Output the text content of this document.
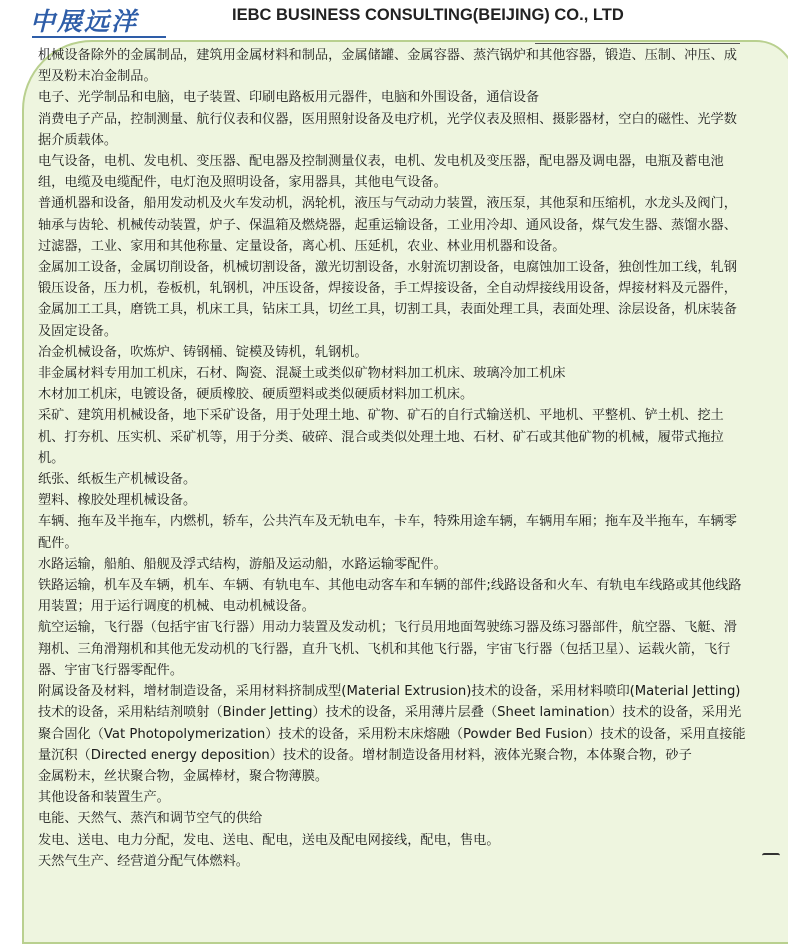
中展远洋	IEBC BUSINESS CONSULTING(BEIJING) CO., LTD

机械设备除外的金属制品，建筑用金属材料和制品，金属储罐、金属容器、蒸汽锅炉和其他容器，锻造、压制、冲压、成型及粉末冶金制品。

电子、光学制品和电脑，电子装置、印刷电路板用元器件，电脑和外围设备，通信设备

消费电子产品，控制测量、航行仪表和仪器，医用照射设备及电疗机，光学仪表及照相、摄影器材，空白的磁性、光学数据介质载体。

电气设备，电机、发电机、变压器、配电器及控制测量仪表，电机、发电机及变压器，配电器及调电器，电瓶及蓄电池组，电缆及电缆配件，电灯泡及照明设备，家用器具，其他电气设备。

普通机器和设备，船用发动机及火车发动机，涡轮机，液压与气动动力装置，液压泵，其他泵和压缩机，水龙头及阀门，轴承与齿轮、机械传动装置，炉子、保温箱及燃烧器，起重运输设备，工业用冷却、通风设备，煤气发生器、蒸馏水器、过滤器，工业、家用和其他称量、定量设备，离心机、压延机，农业、林业用机器和设备。

金属加工设备，金属切削设备，机械切割设备，激光切割设备，水射流切割设备，电腐蚀加工设备，独创性加工线，轧钢锻压设备，压力机，卷板机，轧钢机，冲压设备，焊接设备，手工焊接设备，全自动焊接线用设备，焊接材料及元器件，金属加工工具，磨铣工具，机床工具，钻床工具，切丝工具，切割工具，表面处理工具，表面处理、涂层设备，机床装备及固定设备。

冶金机械设备，吹炼炉、铸钢桶、锭模及铸机，轧钢机。

非金属材料专用加工机床，石材、陶瓷、混凝土或类似矿物材料加工机床、玻璃冷加工机床

木材加工机床，电镀设备，硬质橡胶、硬质塑料或类似硬质材料加工机床。

采矿、建筑用机械设备，地下采矿设备，用于处理土地、矿物、矿石的自行式输送机、平地机、平整机、铲土机、挖土机、打夯机、压实机、采矿机等，用于分类、破碎、混合或类似处理土地、石材、矿石或其他矿物的机械，履带式拖拉机。

纸张、纸板生产机械设备。

塑料、橡胶处理机械设备。

车辆、拖车及半拖车，内燃机，轿车，公共汽车及无轨电车，卡车，特殊用途车辆，车辆用车厢；拖车及半拖车，车辆零配件。

水路运输，船舶、船舰及浮式结构，游船及运动船，水路运输零配件。

铁路运输，机车及车辆，机车、车辆、有轨电车、其他电动客车和车辆的部件;线路设备和火车、有轨电车线路或其他线路用装置；用于运行调度的机械、电动机械设备。

航空运输，飞行器（包括宇宙飞行器）用动力装置及发动机；飞行员用地面驾驶练习器及练习器部件，航空器、飞艇、滑翔机、三角滑翔机和其他无发动机的飞行器，直升飞机、飞机和其他飞行器，宇宙飞行器（包括卫星）、运载火箭，飞行器、宇宙飞行器零配件。

附属设备及材料，增材制造设备，采用材料挤制成型(Material Extrusion)技术的设备，采用材料喷印(Material Jetting)技术的设备，采用粘结剂喷射（Binder Jetting）技术的设备，采用薄片层叠（Sheet lamination）技术的设备，采用光聚合固化（Vat Photopolymerization）技术的设备，采用粉末床熔融（Powder Bed Fusion）技术的设备，采用直接能量沉积（Directed energy deposition）技术的设备。增材制造设备用材料，液体光聚合物，本体聚合物，砂子

金属粉末，丝状聚合物，金属棒材，聚合物薄膜。

其他设备和装置生产。

电能、天然气、蒸汽和调节空气的供给

发电、送电、电力分配，发电、送电、配电，送电及配电网接线，配电，售电。

天然气生产、经营道分配气体燃料。
